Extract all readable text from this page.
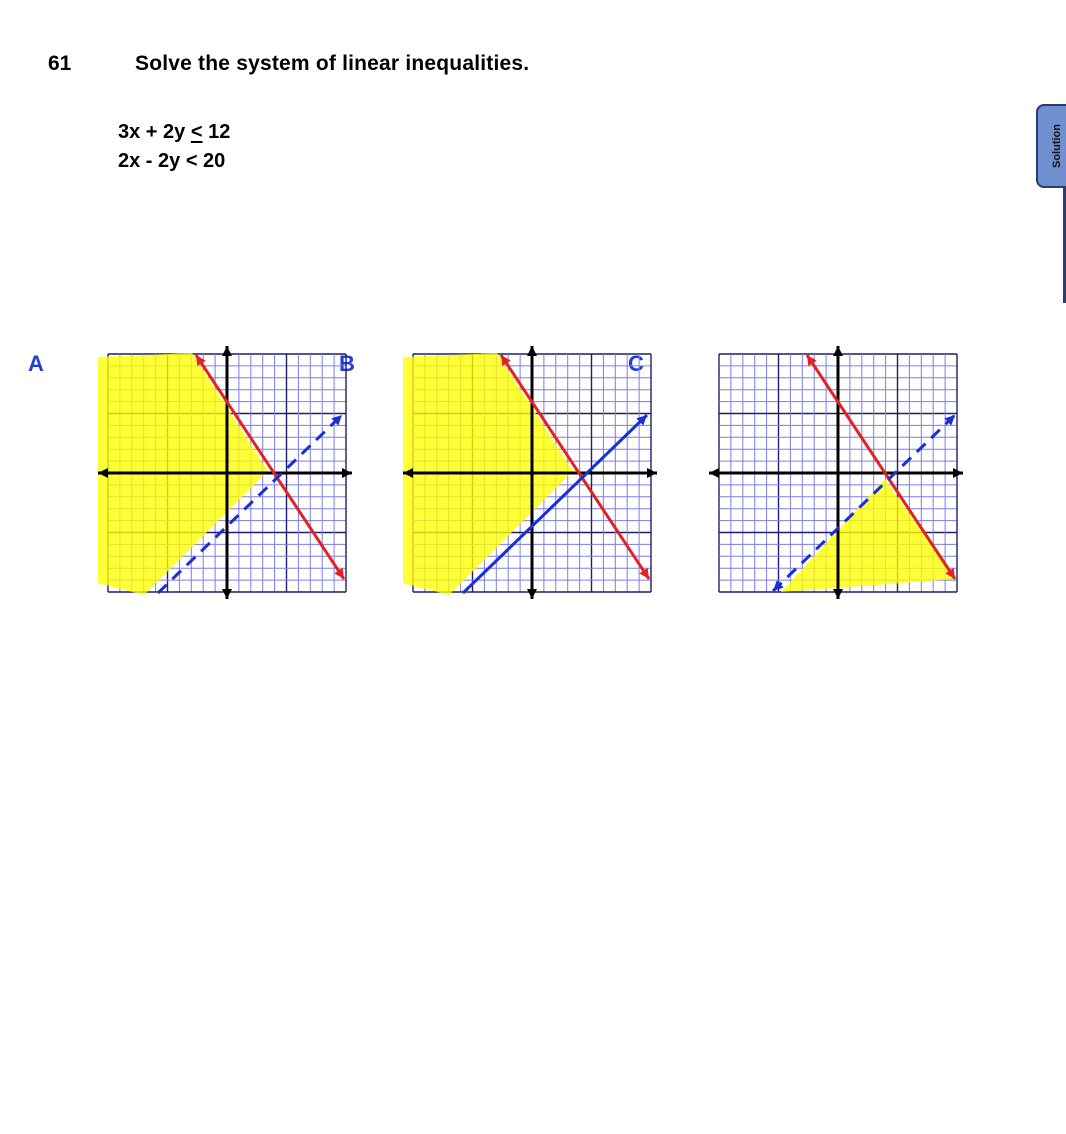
61	Solve the system of linear inequalities.
3x + 2y < 12
2x - 2y < 20	Solution
A	B	C
